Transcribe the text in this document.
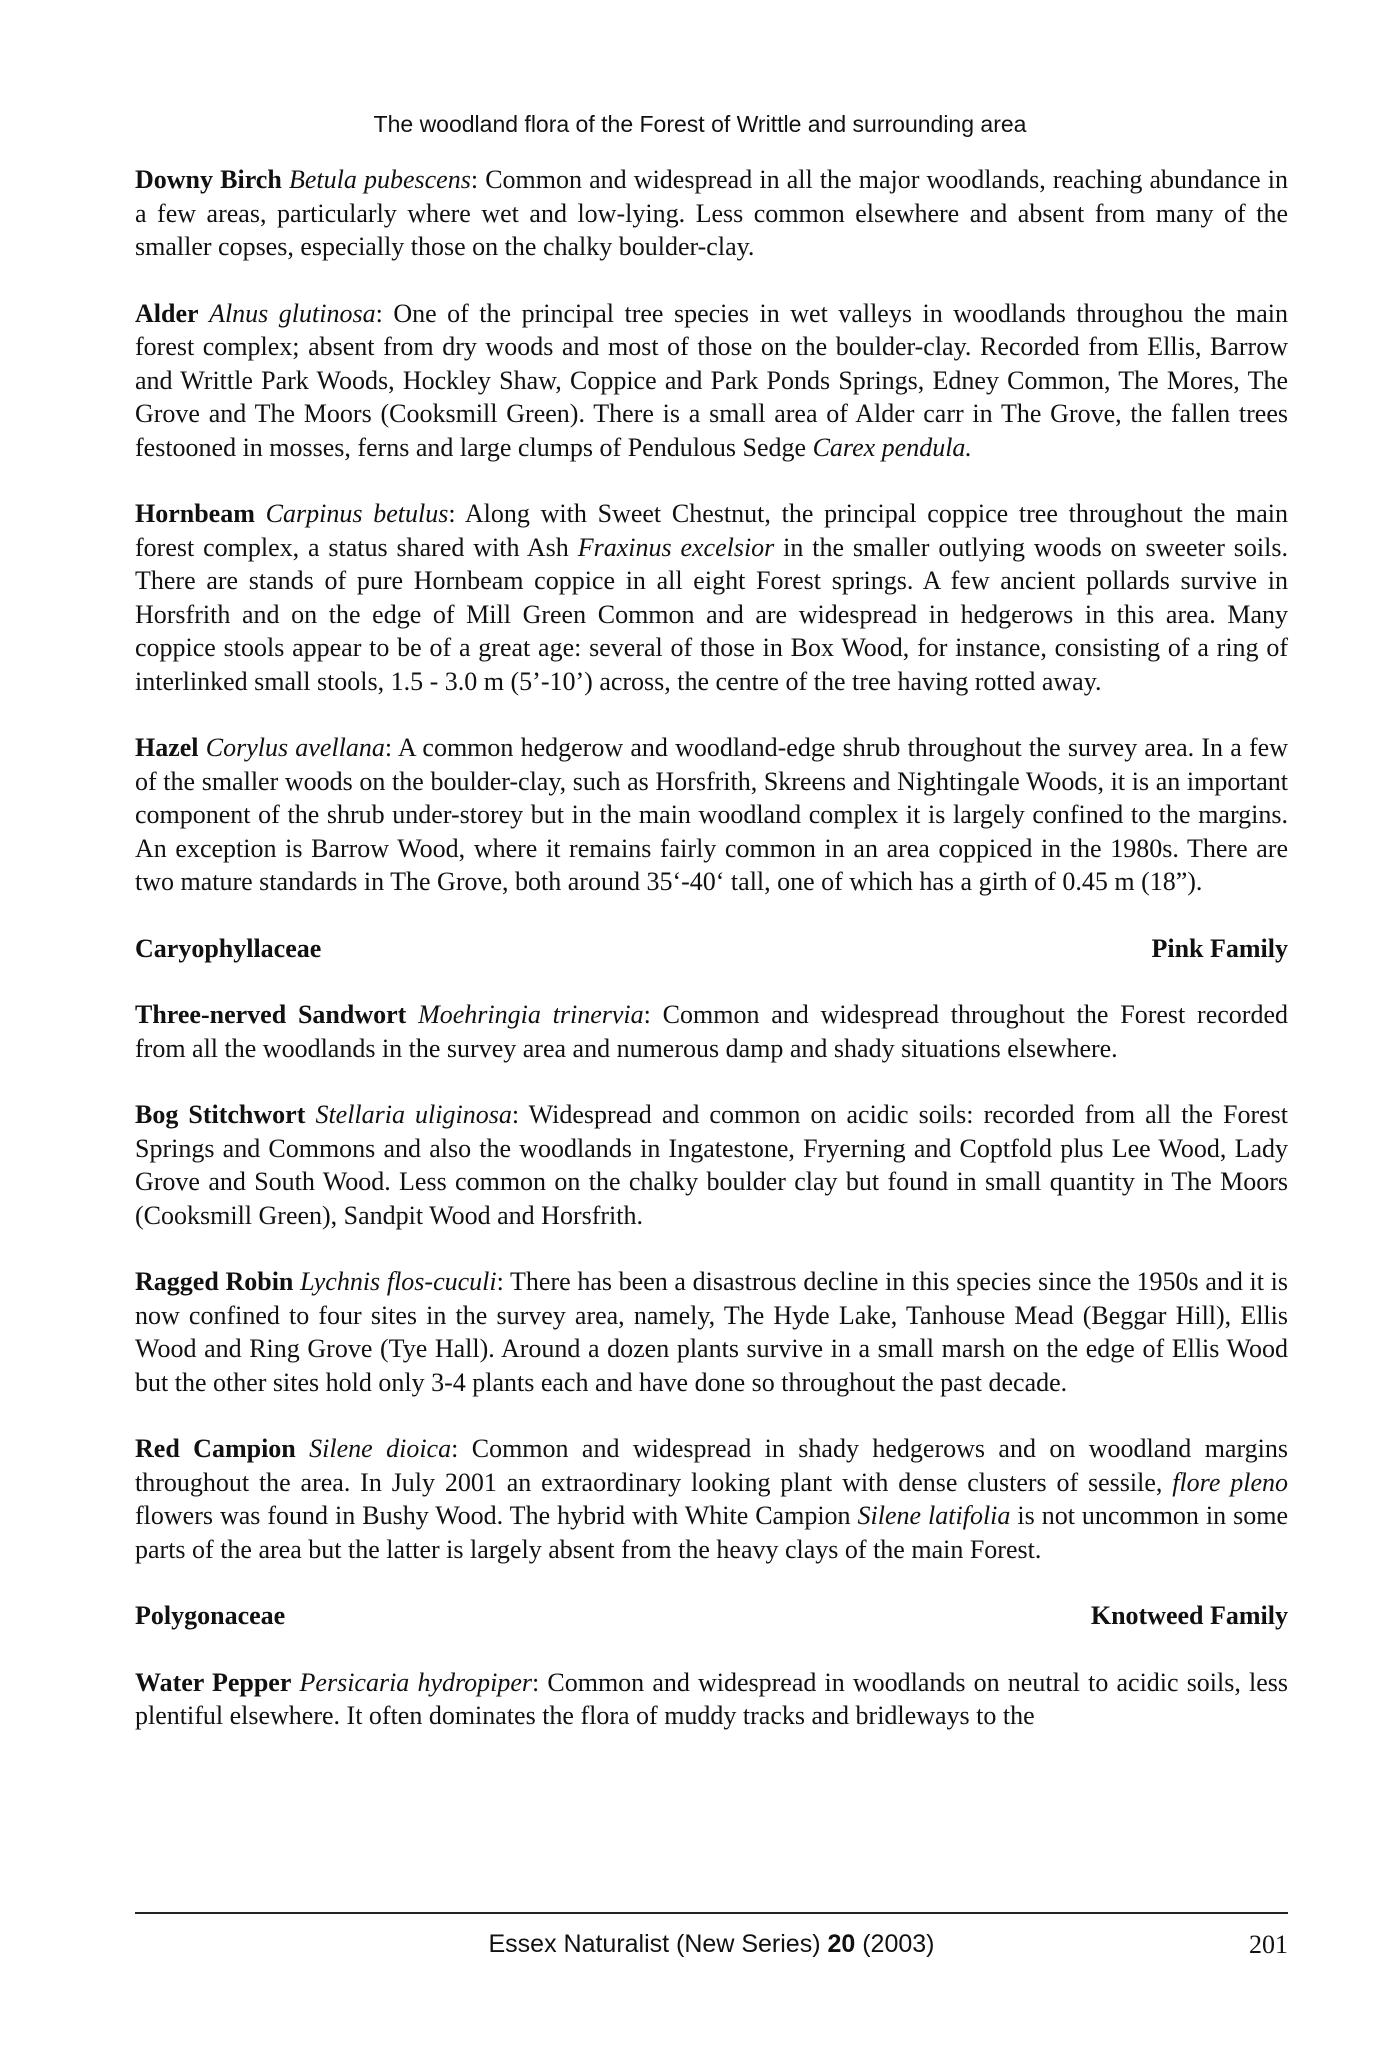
The woodland flora of the Forest of Writtle and surrounding area

Downy Birch Betula pubescens: Common and widespread in all the major woodlands, reaching abundance in a few areas, particularly where wet and low-lying. Less common elsewhere and absent from many of the smaller copses, especially those on the chalky boulder-clay.

Alder Alnus glutinosa: One of the principal tree species in wet valleys in woodlands throughou the main forest complex; absent from dry woods and most of those on the boulder-clay. Recorded from Ellis, Barrow and Writtle Park Woods, Hockley Shaw, Coppice and Park Ponds Springs, Edney Common, The Mores, The Grove and The Moors (Cooksmill Green). There is a small area of Alder carr in The Grove, the fallen trees festooned in mosses, ferns and large clumps of Pendulous Sedge Carex pendula.

Hornbeam Carpinus betulus: Along with Sweet Chestnut, the principal coppice tree throughout the main forest complex, a status shared with Ash Fraxinus excelsior in the smaller outlying woods on sweeter soils. There are stands of pure Hornbeam coppice in all eight Forest springs. A few ancient pollards survive in Horsfrith and on the edge of Mill Green Common and are widespread in hedgerows in this area. Many coppice stools appear to be of a great age: several of those in Box Wood, for instance, consisting of a ring of interlinked small stools, 1.5 - 3.0 m (5’-10’) across, the centre of the tree having rotted away.

Hazel Corylus avellana: A common hedgerow and woodland-edge shrub throughout the survey area. In a few of the smaller woods on the boulder-clay, such as Horsfrith, Skreens and Nightingale Woods, it is an important component of the shrub under-storey but in the main woodland complex it is largely confined to the margins. An exception is Barrow Wood, where it remains fairly common in an area coppiced in the 1980s. There are two mature standards in The Grove, both around 35‘-40‘ tall, one of which has a girth of 0.45 m (18”).

Caryophyllaceae	Pink Family

Three-nerved Sandwort Moehringia trinervia: Common and widespread throughout the Forest recorded from all the woodlands in the survey area and numerous damp and shady situations elsewhere.

Bog Stitchwort Stellaria uliginosa: Widespread and common on acidic soils: recorded from all the Forest Springs and Commons and also the woodlands in Ingatestone, Fryerning and Coptfold plus Lee Wood, Lady Grove and South Wood. Less common on the chalky boulder clay but found in small quantity in The Moors (Cooksmill Green), Sandpit Wood and Horsfrith.

Ragged Robin Lychnis flos-cuculi: There has been a disastrous decline in this species since the 1950s and it is now confined to four sites in the survey area, namely, The Hyde Lake, Tanhouse Mead (Beggar Hill), Ellis Wood and Ring Grove (Tye Hall). Around a dozen plants survive in a small marsh on the edge of Ellis Wood but the other sites hold only 3-4 plants each and have done so throughout the past decade.

Red Campion Silene dioica: Common and widespread in shady hedgerows and on woodland margins throughout the area. In July 2001 an extraordinary looking plant with dense clusters of sessile, flore pleno flowers was found in Bushy Wood. The hybrid with White Campion Silene latifolia is not uncommon in some parts of the area but the latter is largely absent from the heavy clays of the main Forest.

Polygonaceae	Knotweed Family

Water Pepper Persicaria hydropiper: Common and widespread in woodlands on neutral to acidic soils, less plentiful elsewhere. It often dominates the flora of muddy tracks and bridleways to the

Essex Naturalist (New Series) 20 (2003)	201
